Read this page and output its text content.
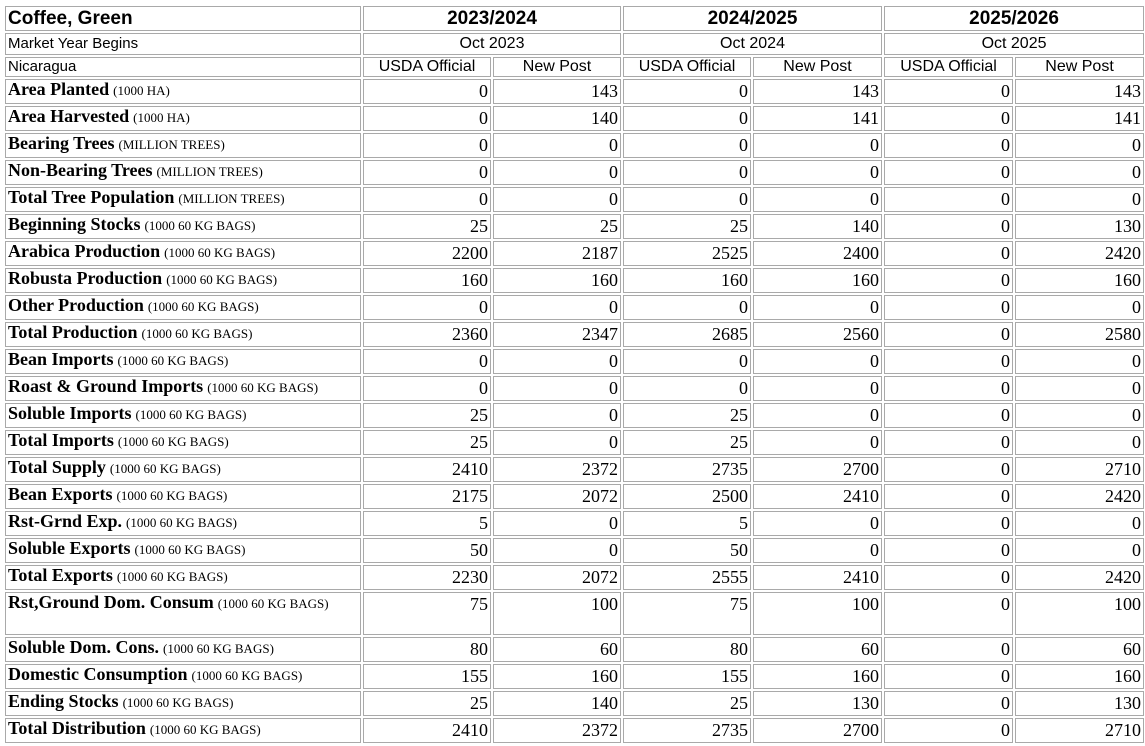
Coffee, Green	2023/2024		2024/2025		2025/2026	
Market Year Begins	Oct 2023		Oct 2024		Oct 2025	
Nicaragua	USDA Official	New Post	USDA Official	New Post	USDA Official	New Post
Area Planted (1000 HA)	0	143	0	143	0	143
Area Harvested (1000 HA)	0	140	0	141	0	141
Bearing Trees (MILLION TREES)	0	0	0	0	0	0
Non-Bearing Trees (MILLION TREES)	0	0	0	0	0	0
Total Tree Population (MILLION TREES)	0	0	0	0	0	0
Beginning Stocks (1000 60 KG BAGS)	25	25	25	140	0	130
Arabica Production (1000 60 KG BAGS)	2200	2187	2525	2400	0	2420
Robusta Production (1000 60 KG BAGS)	160	160	160	160	0	160
Other Production (1000 60 KG BAGS)	0	0	0	0	0	0
Total Production (1000 60 KG BAGS)	2360	2347	2685	2560	0	2580
Bean Imports (1000 60 KG BAGS)	0	0	0	0	0	0
Roast & Ground Imports (1000 60 KG BAGS)	0	0	0	0	0	0
Soluble Imports (1000 60 KG BAGS)	25	0	25	0	0	0
Total Imports (1000 60 KG BAGS)	25	0	25	0	0	0
Total Supply (1000 60 KG BAGS)	2410	2372	2735	2700	0	2710
Bean Exports (1000 60 KG BAGS)	2175	2072	2500	2410	0	2420
Rst-Grnd Exp. (1000 60 KG BAGS)	5	0	5	0	0	0
Soluble Exports (1000 60 KG BAGS)	50	0	50	0	0	0
Total Exports (1000 60 KG BAGS)	2230	2072	2555	2410	0	2420
Rst,Ground Dom. Consum (1000 60 KG BAGS)	75	100	75	100	0	100
Soluble Dom. Cons. (1000 60 KG BAGS)	80	60	80	60	0	60
Domestic Consumption (1000 60 KG BAGS)	155	160	155	160	0	160
Ending Stocks (1000 60 KG BAGS)	25	140	25	130	0	130
Total Distribution (1000 60 KG BAGS)	2410	2372	2735	2700	0	2710
